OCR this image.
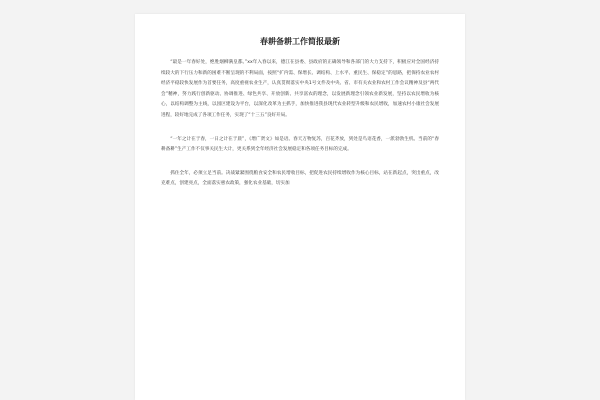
春耕备耕工作简报最新

“最是一年春好处，绝胜烟柳满皇都。”xx年入春以来，德江在县委、县政府的正确领导和各部门的大力支持下，积极应对全国经济持续较大的下行压力和新的困难不断呈现的不利局面，按照“扩内需、保增长、调结构、上水平、重民生、保稳定”的思路，把保持农业农村经济平稳较快发展作为首要任务，高度重视农业生产，认真贯彻落实中央1号文件及中央、省、市有关农业和农村工作会议精神及县“两代会”精神，努力践行创新驱动、协调推进、绿色共享、开放创新、共享富农的理念，以发展新理念引领农业新发展，坚持以农民增收为核心，以结构调整为主线，以园区建设为平台，以深化改革为主抓手，加快推进我县现代农业转型升级和农民增收，加速农村小康社会发展进程，较好地完成了各项工作任务，实现了“十三五”良好开局。

“一年之计在于春，一日之计在于晨”，《增广贤文》如是语。春天万物复苏，百花齐放，到处是鸟语花香，一派勃勃生机。当前的“春耕备耕”生产工作不仅事关民生大计，更关系到全年经济社会发展稳定和各项任务目标的完成。

抓住全年，必须立足当前。决战紧紧围绕粮食安全和农民增收目标，把促进农民持续增收作为核心目标，站在新起点，突出重点，改克难点，创建亮点，全面落实惠农政策，强化农业基础，切实加
